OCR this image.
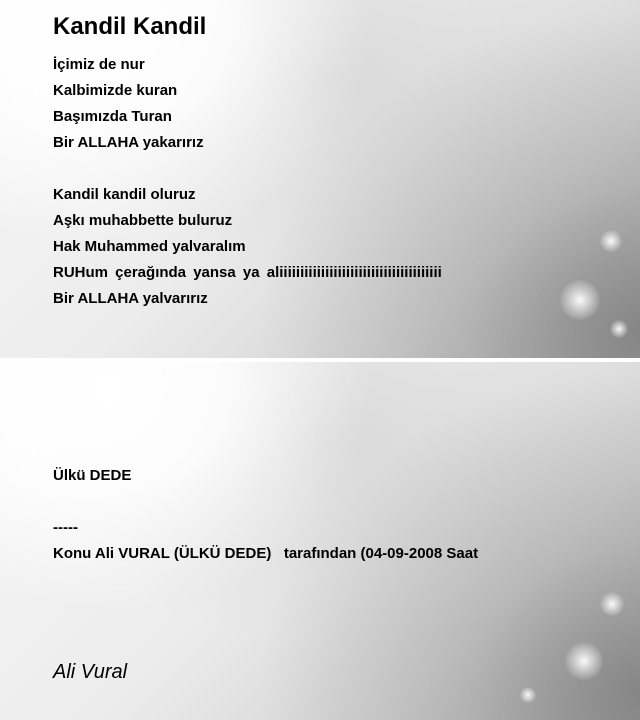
Kandil Kandil

İçimiz de nur

Kalbimizde kuran

Başımızda Turan

Bir ALLAHA yakarırız

Kandil kandil oluruz

Aşkı muhabbette buluruz

Hak Muhammed yalvaralım

RUHum çerağında yansa ya aliiiiiiiiiiiiiiiiiiiiiiiiiiiiiiiiiiiiiii

Bir ALLAHA yalvarırız

Ülkü DEDE

-----

Konu Ali VURAL (ÜLKÜ DEDE)   tarafından (04-09-2008 Saat

Ali Vural
